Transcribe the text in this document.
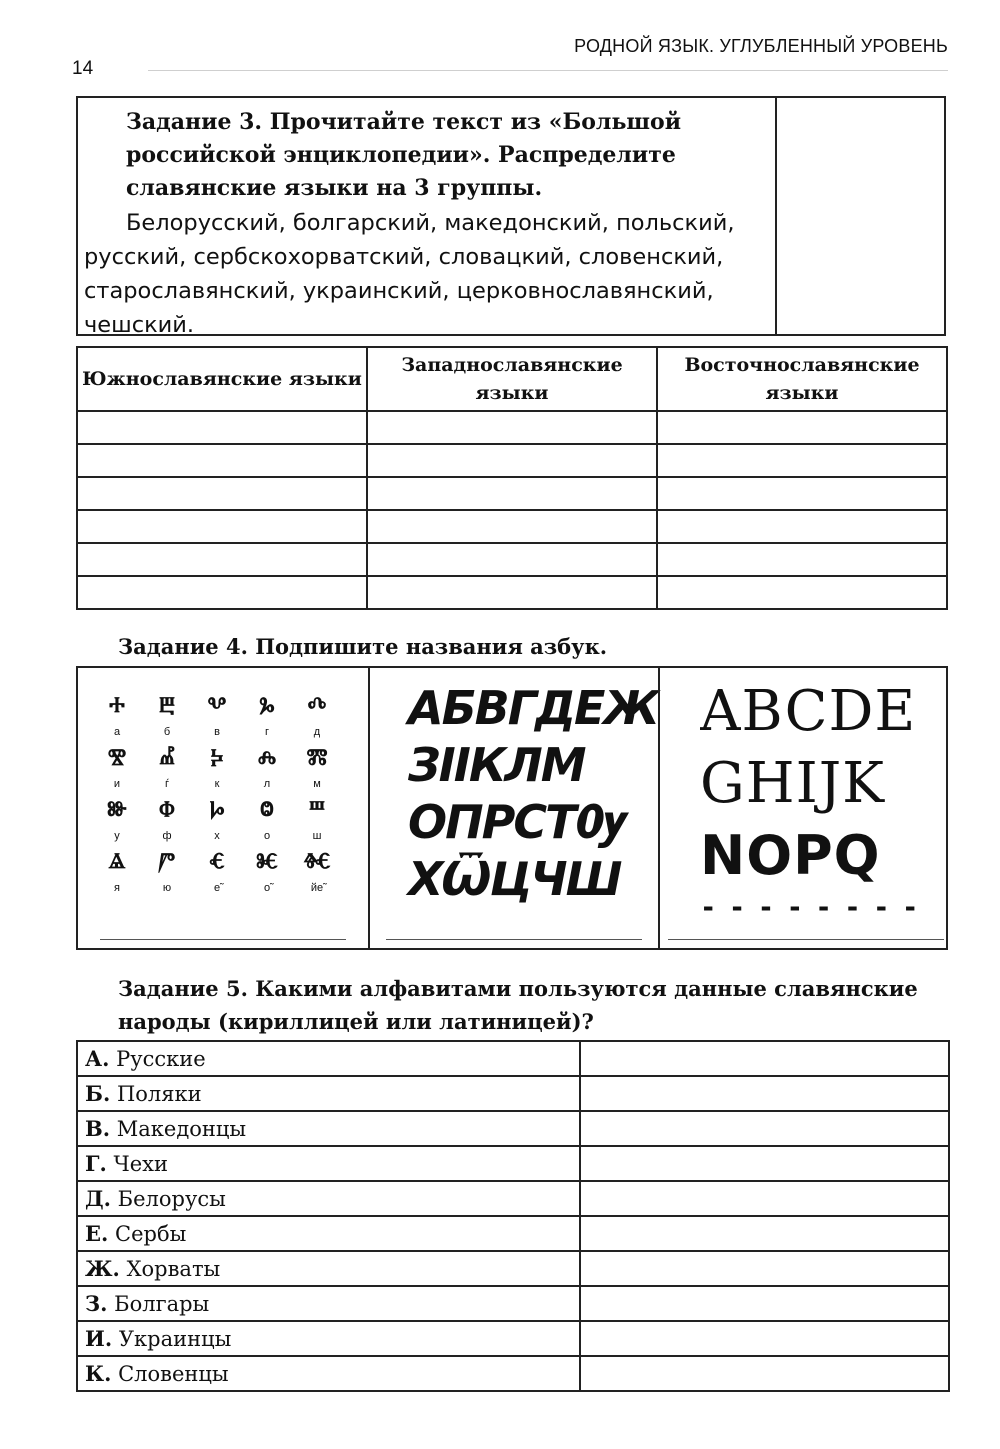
14
РОДНОЙ ЯЗЫК. УГЛУБЛЕННЫЙ УРОВЕНЬ
Задание 3. Прочитайте текст из «Большой российской энциклопедии». Распределите славянские языки на 3 группы.
Белорусский, болгарский, македонский, польский, русский, сербскохорватский, словацкий, словенский, старославянский, украинский, церковнославянский, чешский.
Южнославянские языки	Западнославянские языки	Восточнославянские языки

Задание 4. Подпишите названия азбук.
Ⰰ	Ⰱ	Ⰲ	Ⰳ	Ⰴ
а	б	в	г	д
Ⰺ	Ⰼ	Ⰽ	Ⰾ	Ⰿ
и	ѓ	к	л	м
Ⱆ	Ⱇ	Ⱈ	Ⱉ	Ⱎ
у	ф	х	о	ш
Ⱑ	Ⱓ	Ⱔ	Ⱘ	Ⱙ
я	ю	е̃	о̃	йе̃
АБВГДЕЖ
ЗІІКЛМ
ОПРСТѸ
ХѾЦЧШ
ABCDE
GHIJK
NOPQ
▬ ▬ ▬ ▬ ▬ ▬ ▬ ▬
Задание 5. Какими алфавитами пользуются данные славянские народы (кириллицей или латиницей)?
А. Русские	
Б. Поляки	
В. Македонцы	
Г. Чехи	
Д. Белорусы	
Е. Сербы	
Ж. Хорваты	
З. Болгары	
И. Украинцы	
К. Словенцы	
